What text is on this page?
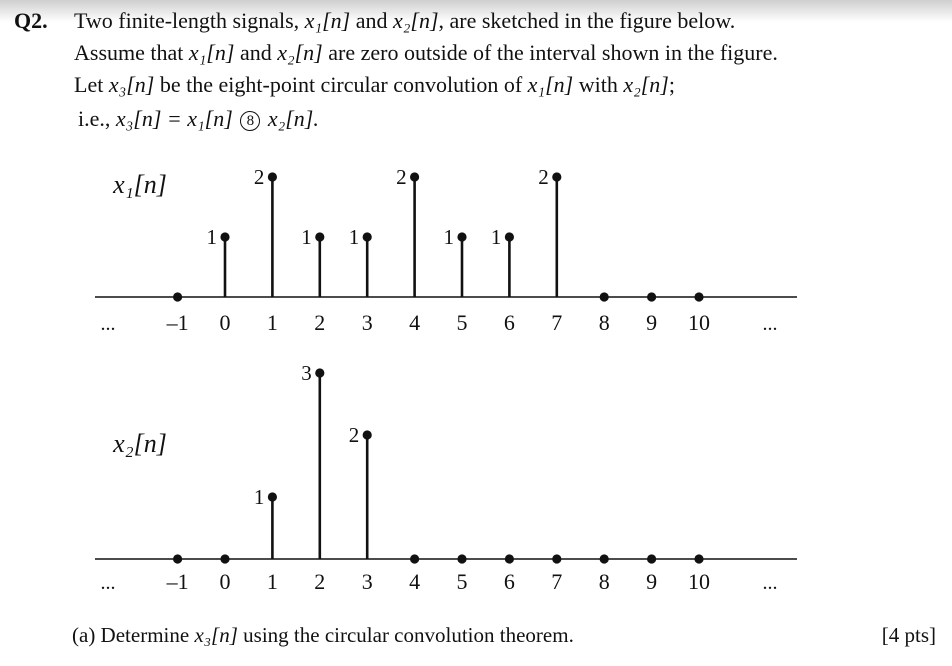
Q2. Two finite-length signals, x₁[n] and x₂[n], are sketched in the figure below.
Assume that x₁[n] and x₂[n] are zero outside of the interval shown in the figure.
Let x₃[n] be the eight-point circular convolution of x₁[n] with x₂[n];
i.e., x₃[n] = x₁[n] 8 x₂[n].
x₁[n]
... –1 0
1
1
2
2
1
3
1
4
2
5
1
6
1
7
2
8 9 10	...
x₂[n]
... –1 0 1
1
2
3
3
2
4 5 6 7 8 9 10	...
(a) Determine x₃[n] using the circular convolution theorem.	[4 pts]
